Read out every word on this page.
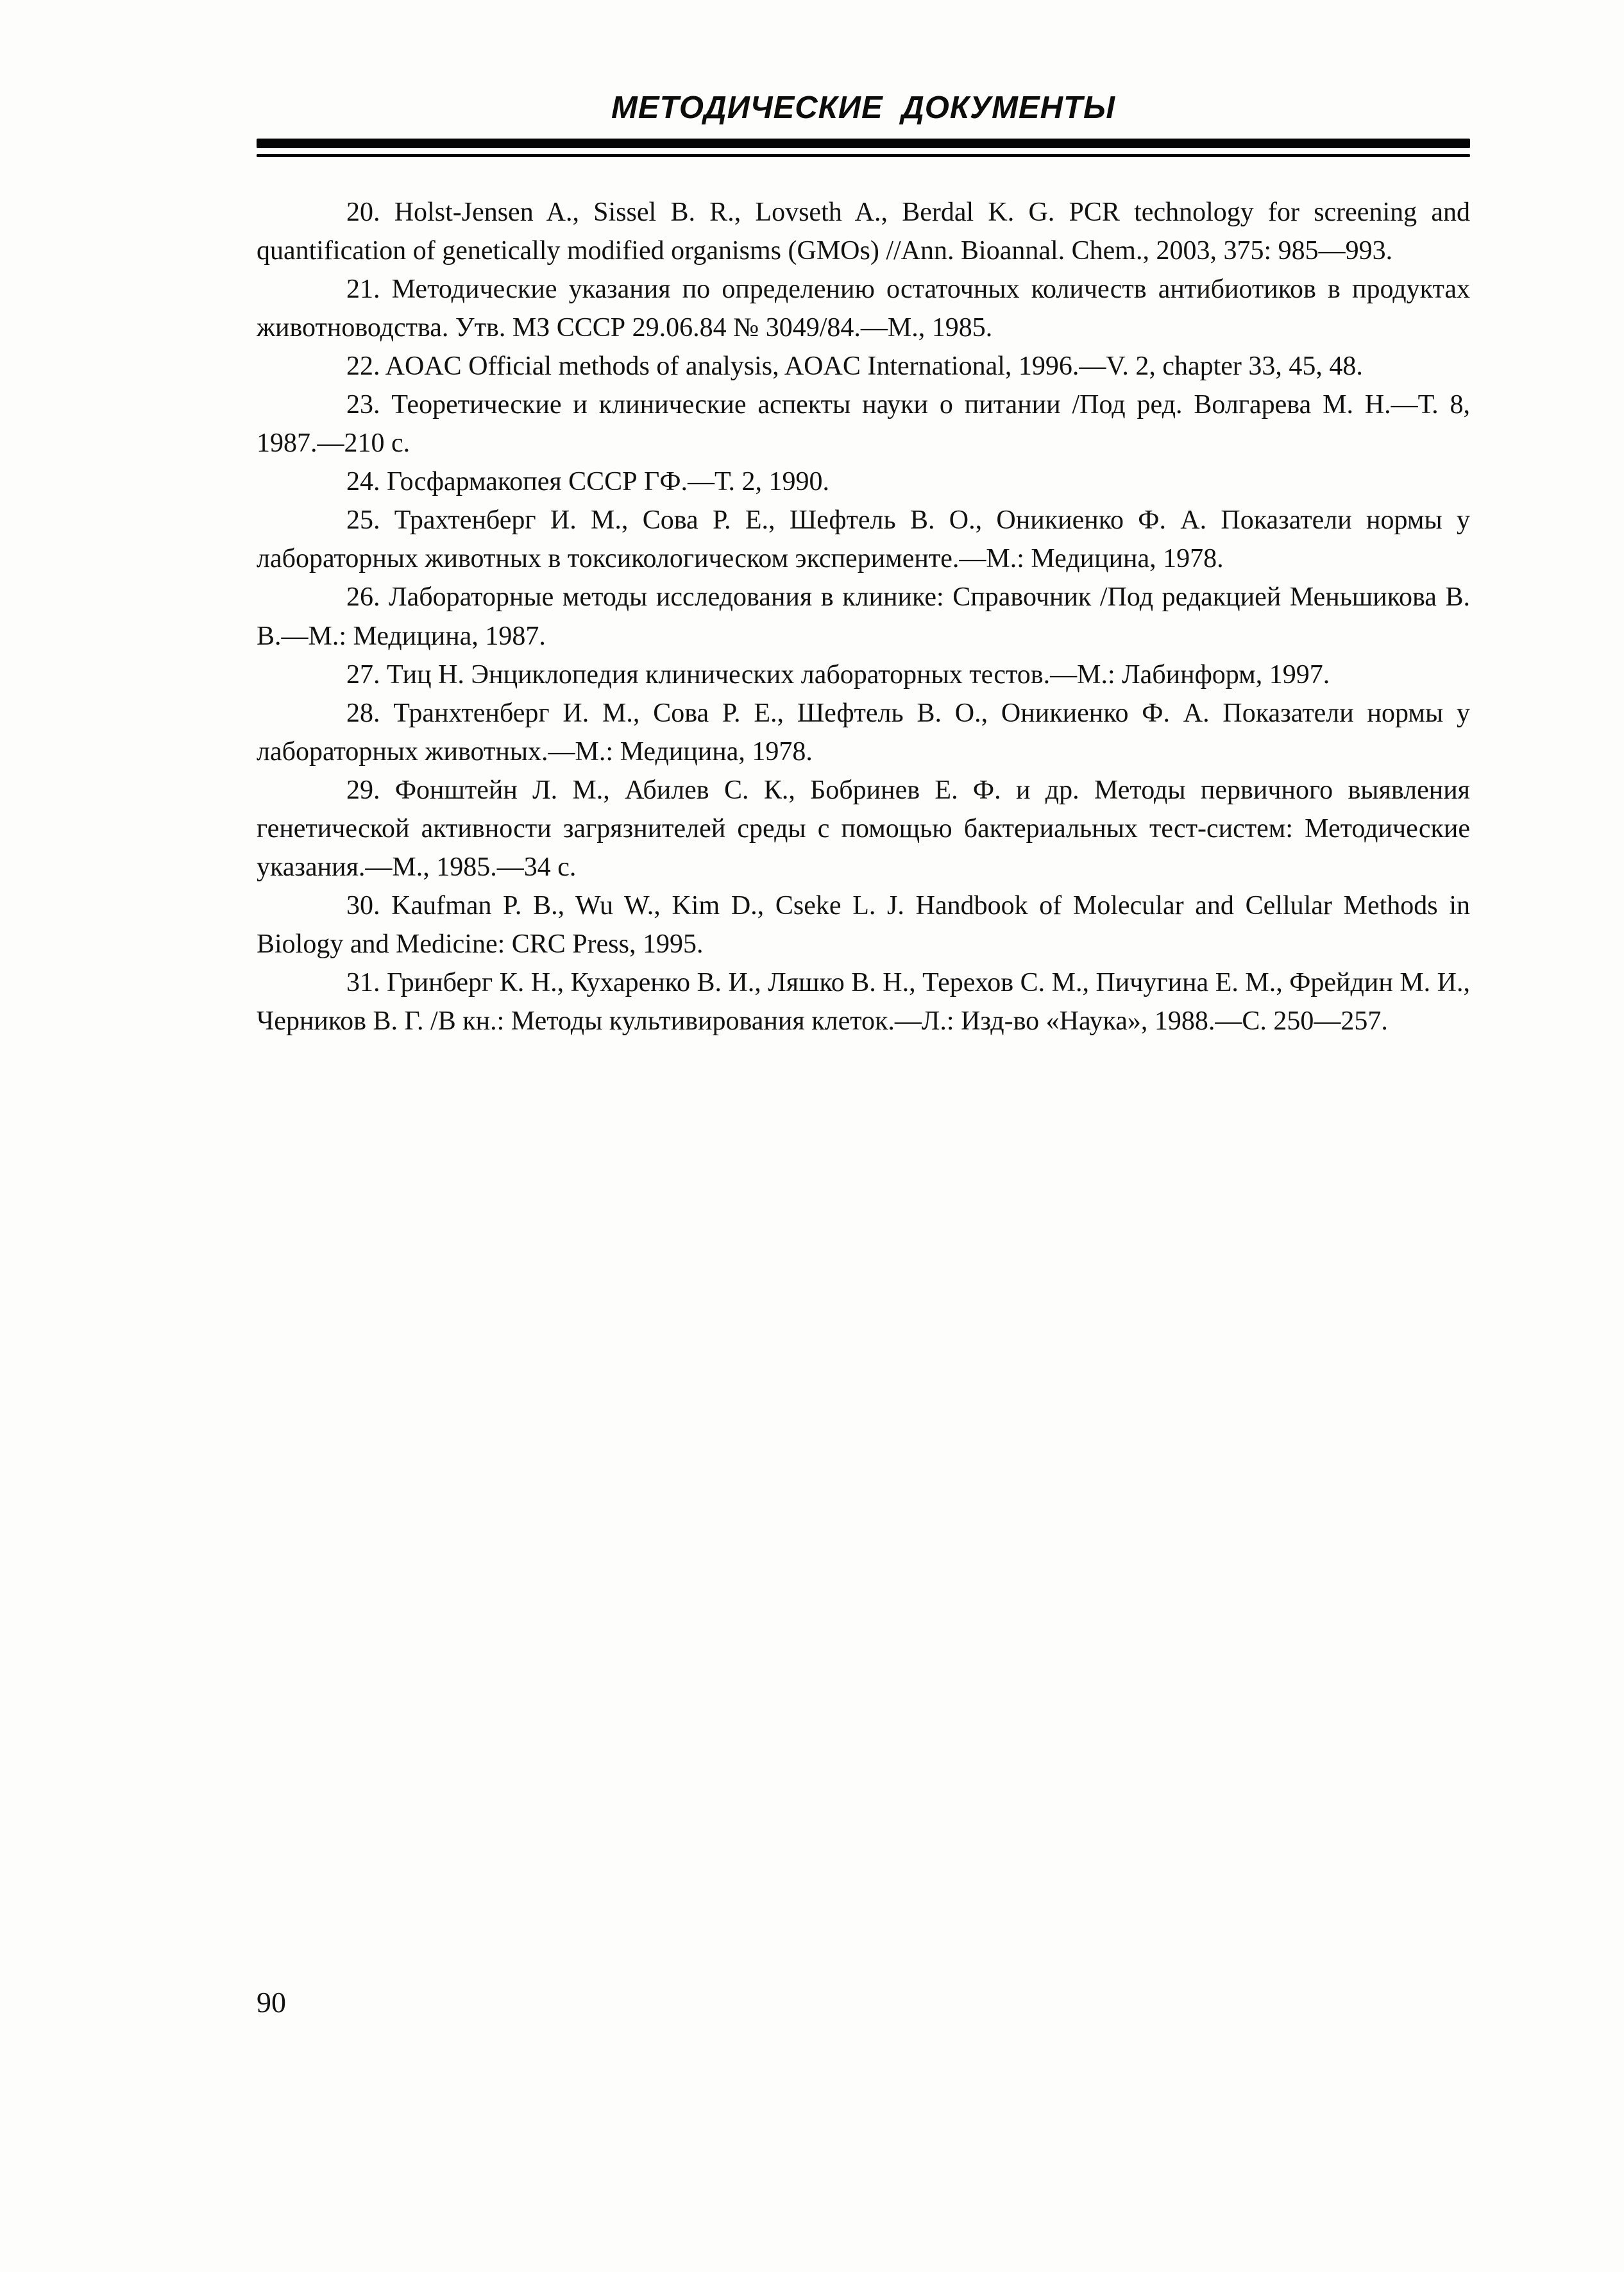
МЕТОДИЧЕСКИЕ ДОКУМЕНТЫ

20. Holst-Jensen A., Sissel B. R., Lovseth A., Berdal K. G. PCR technology for screening and quantification of genetically modified organisms (GMOs) //Ann. Bioannal. Chem., 2003, 375: 985—993.

21. Методические указания по определению остаточных количеств антибиотиков в продуктах животноводства. Утв. МЗ СССР 29.06.84 № 3049/84.—М., 1985.

22. AOAC Official methods of analysis, AOAC International, 1996.—V. 2, chapter 33, 45, 48.

23. Теоретические и клинические аспекты науки о питании /Под ред. Волгарева М. Н.—Т. 8, 1987.—210 с.

24. Госфармакопея СССР ГФ.—Т. 2, 1990.

25. Трахтенберг И. М., Сова Р. Е., Шефтель В. О., Оникиенко Ф. А. Показатели нормы у лабораторных животных в токсикологическом эксперименте.—М.: Медицина, 1978.

26. Лабораторные методы исследования в клинике: Справочник /Под редакцией Меньшикова В. В.—М.: Медицина, 1987.

27. Тиц Н. Энциклопедия клинических лабораторных тестов.—М.: Лабинформ, 1997.

28. Транхтенберг И. М., Сова Р. Е., Шефтель В. О., Оникиенко Ф. А. Показатели нормы у лабораторных животных.—М.: Медицина, 1978.

29. Фонштейн Л. М., Абилев С. К., Бобринев Е. Ф. и др. Методы первичного выявления генетической активности загрязнителей среды с помощью бактериальных тест-систем: Методические указания.—М., 1985.—34 с.

30. Kaufman P. B., Wu W., Kim D., Cseke L. J. Handbook of Molecular and Cellular Methods in Biology and Medicine: CRC Press, 1995.

31. Гринберг К. Н., Кухаренко В. И., Ляшко В. Н., Терехов С. М., Пичугина Е. М., Фрейдин М. И., Черников В. Г. /В кн.: Методы культивирования клеток.—Л.: Изд-во «Наука», 1988.—С. 250—257.

90
